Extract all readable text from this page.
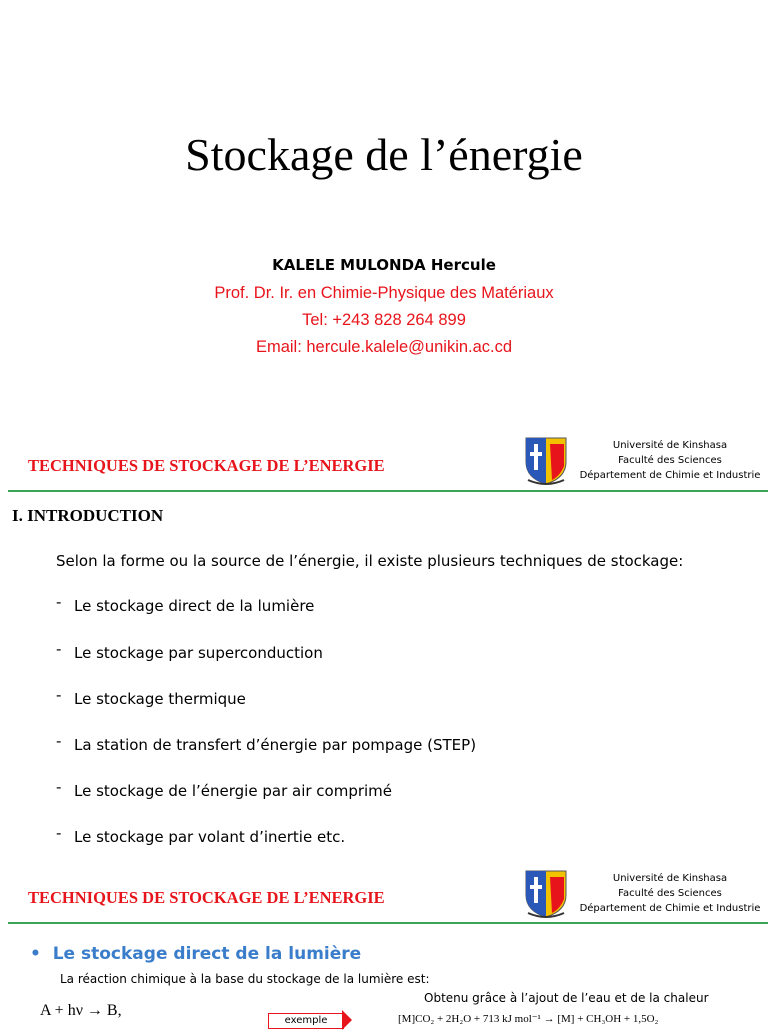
Stockage de l’énergie
KALELE MULONDA Hercule
Prof. Dr. Ir. en Chimie-Physique des Matériaux
Tel: +243 828 264 899
Email: hercule.kalele@unikin.ac.cd
TECHNIQUES DE STOCKAGE DE L’ENERGIE
Université de Kinshasa
Faculté des Sciences
Département de Chimie et Industrie
I. INTRODUCTION
Selon la forme ou la source de l’énergie, il existe plusieurs techniques de stockage:
- Le stockage direct de la lumière
- Le stockage par superconduction
- Le stockage thermique
- La station de transfert d’énergie par pompage (STEP)
- Le stockage de l’énergie par air comprimé
- Le stockage par volant d’inertie etc.
TECHNIQUES DE STOCKAGE DE L’ENERGIE
Université de Kinshasa
Faculté des Sciences
Département de Chimie et Industrie
• Le stockage direct de la lumière
La réaction chimique à la base du stockage de la lumière est:
Obtenu grâce à l’ajout de l’eau et de la chaleur
A + hν → B,
exemple	[M]CO₂ + 2H₂O + 713 kJ mol⁻¹ → [M] + CH₃OH + 1,5O₂
